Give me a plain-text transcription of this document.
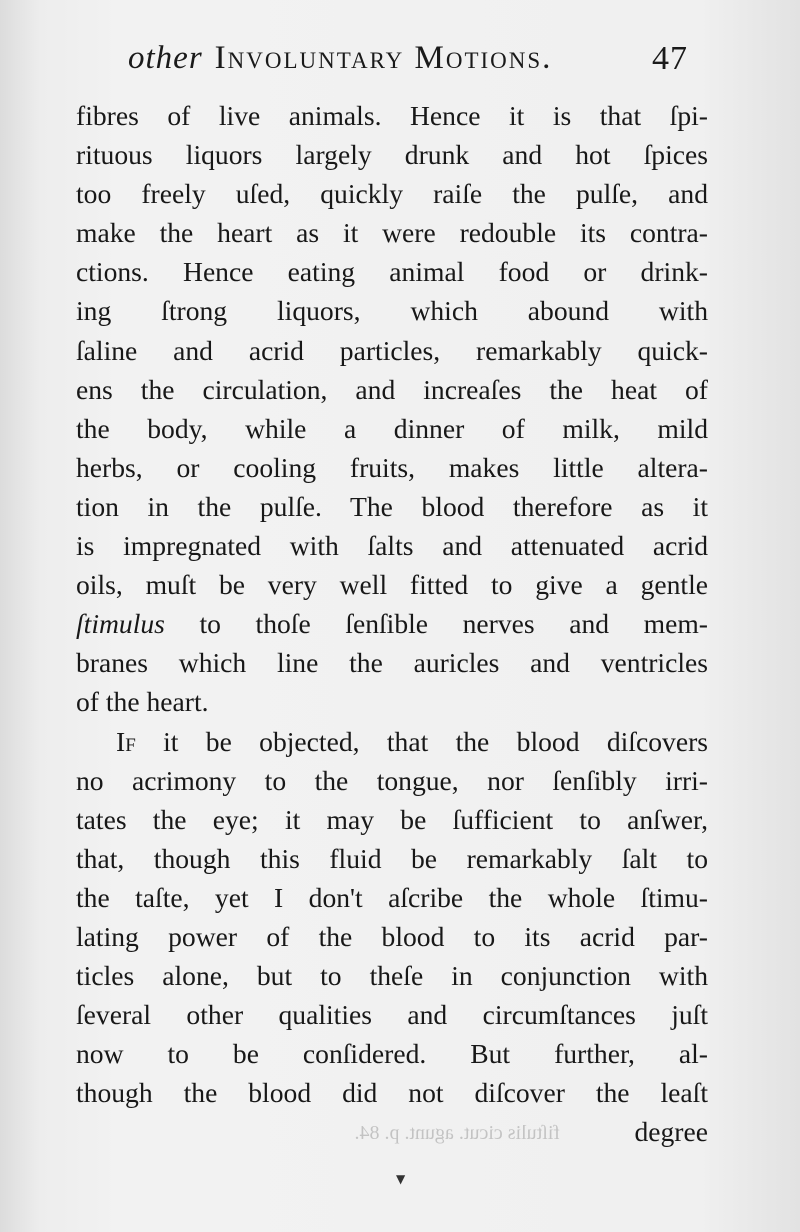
other Involuntary Motions.	47
fibres of live animals. Hence it is that ſpi-
rituous liquors largely drunk and hot ſpices
too freely uſed, quickly raiſe the pulſe, and
make the heart as it were redouble its contra-
ctions. Hence eating animal food or drink-
ing ſtrong liquors, which abound with
ſaline and acrid particles, remarkably quick-
ens the circulation, and increaſes the heat of
the body, while a dinner of milk, mild
herbs, or cooling fruits, makes little altera-
tion in the pulſe. The blood therefore as it
is impregnated with ſalts and attenuated acrid
oils, muſt be very well fitted to give a gentle
ſtimulus to thoſe ſenſible nerves and mem-
branes which line the auricles and ventricles
of the heart.
If it be objected, that the blood diſcovers
no acrimony to the tongue, nor ſenſibly irri-
tates the eye; it may be ſufficient to anſwer,
that, though this fluid be remarkably ſalt to
the taſte, yet I don't aſcribe the whole ſtimu-
lating power of the blood to its acrid par-
ticles alone, but to theſe in conjunction with
ſeveral other qualities and circumſtances juſt
now to be conſidered. But further, al-
though the blood did not diſcover the leaſt
degree
fiſtulis cicut. agunt. p. 84.
▼
